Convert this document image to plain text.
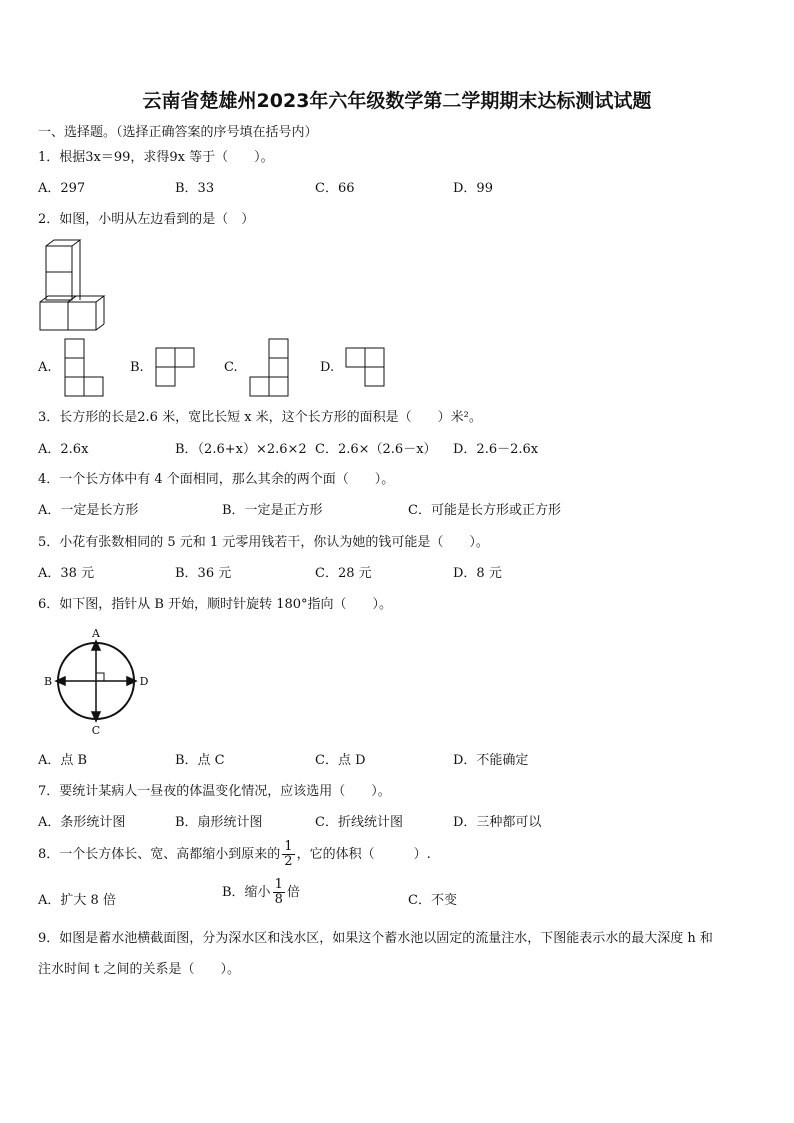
云南省楚雄州2023年六年级数学第二学期期末达标测试试题
一、选择题。（选择正确答案的序号填在括号内）
1．根据3x＝99，求得9x 等于（　　）。
A．297	B．33	C．66	D．99
2．如图，小明从左边看到的是（　）
A.	B.	C.	D.
3．长方形的长是2.6 米，宽比长短 x 米，这个长方形的面积是（　　）米²。
A．2.6x	B．（2.6+x）×2.6×2 C．2.6×（2.6－x） D．2.6－2.6x
4．一个长方体中有 4 个面相同，那么其余的两个面（　　）。
A．一定是长方形	B．一定是正方形	C．可能是长方形或正方形
5．小花有张数相同的 5 元和 1 元零用钱若干，你认为她的钱可能是（　　）。
A．38 元	B．36 元	C．28 元	D．8 元
6．如下图，指针从 B 开始，顺时针旋转 180°指向（　　）。
A
C
B	D
A．点 B	B．点 C	C．点 D	D．不能确定
7．要统计某病人一昼夜的体温变化情况，应该选用（　　）。
A．条形统计图	B．扇形统计图	C．折线统计图	D．三种都可以
8．一个长方体长、宽、高都缩小到原来的 $\frac{1}{2}$ ，它的体积（　　　）.
A．扩大 8 倍
B．缩小 $\frac{1}{8}$ 倍
C．不变
9．如图是蓄水池横截面图，分为深水区和浅水区，如果这个蓄水池以固定的流量注水，下图能表示水的最大深度 h 和
注水时间 t 之间的关系是（　　）。
